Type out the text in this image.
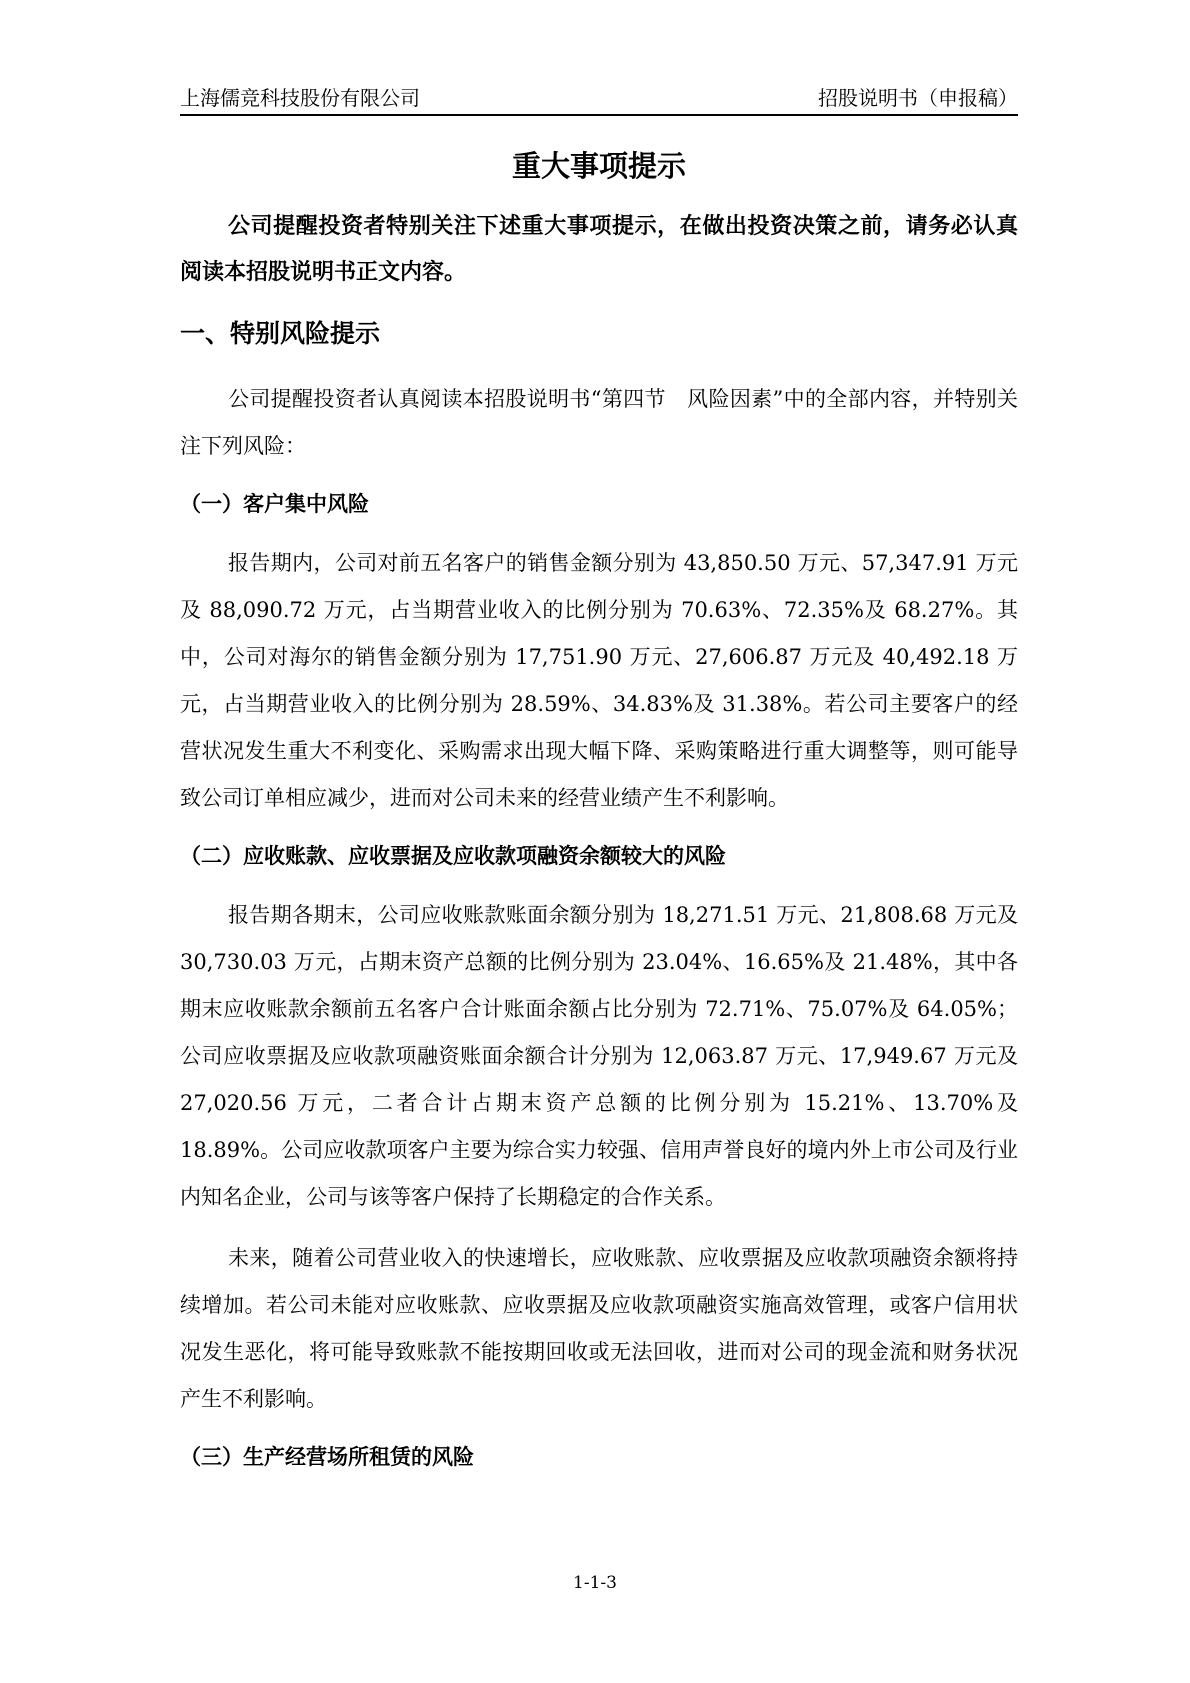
上海儒竞科技股份有限公司	招股说明书（申报稿）
重大事项提示

公司提醒投资者特别关注下述重大事项提示，在做出投资决策之前，请务必认真阅读本招股说明书正文内容。

一、特别风险提示

公司提醒投资者认真阅读本招股说明书“第四节　风险因素”中的全部内容，并特别关注下列风险：

（一）客户集中风险

报告期内，公司对前五名客户的销售金额分别为 43,850.50 万元、57,347.91 万元及 88,090.72 万元，占当期营业收入的比例分别为 70.63%、72.35%及 68.27%。其中，公司对海尔的销售金额分别为 17,751.90 万元、27,606.87 万元及 40,492.18 万元，占当期营业收入的比例分别为 28.59%、34.83%及 31.38%。若公司主要客户的经营状况发生重大不利变化、采购需求出现大幅下降、采购策略进行重大调整等，则可能导致公司订单相应减少，进而对公司未来的经营业绩产生不利影响。

（二）应收账款、应收票据及应收款项融资余额较大的风险

报告期各期末，公司应收账款账面余额分别为 18,271.51 万元、21,808.68 万元及 30,730.03 万元，占期末资产总额的比例分别为 23.04%、16.65%及 21.48%，其中各期末应收账款余额前五名客户合计账面余额占比分别为 72.71%、75.07%及 64.05%；公司应收票据及应收款项融资账面余额合计分别为 12,063.87 万元、17,949.67 万元及 27,020.56 万元，二者合计占期末资产总额的比例分别为 15.21%、13.70%及 18.89%。公司应收款项客户主要为综合实力较强、信用声誉良好的境内外上市公司及行业内知名企业，公司与该等客户保持了长期稳定的合作关系。

未来，随着公司营业收入的快速增长，应收账款、应收票据及应收款项融资余额将持续增加。若公司未能对应收账款、应收票据及应收款项融资实施高效管理，或客户信用状况发生恶化，将可能导致账款不能按期回收或无法回收，进而对公司的现金流和财务状况产生不利影响。

（三）生产经营场所租赁的风险
1-1-3
